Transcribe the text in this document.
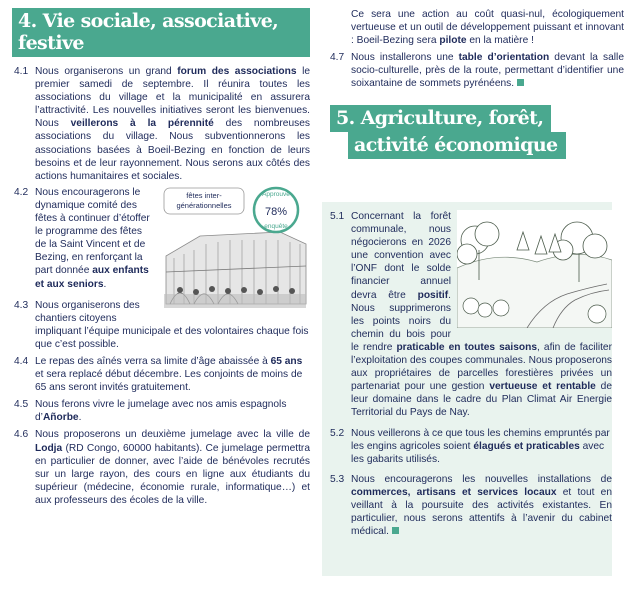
4. Vie sociale, associative, festive
4.1 Nous organiserons un grand forum des associations le premier samedi de septembre. Il réunira toutes les associations du village et la municipalité en assurera l’attractivité. Les nouvelles initiatives seront les bienvenues. Nous veillerons à la pérennité des nombreuses associations du village. Nous subventionnerons les associations basées à Boeil-Bezing en fonction de leurs besoins et de leur rayonnement. Nous serons aux côtés des actions humanitaires et sociales.
4.2	fêtes inter-
générationnelles
Approuvé
78%
enquête
Nous encouragerons le dynamique comité des fêtes à continuer d’étoffer le programme des fêtes de la Saint Vincent et de Bezing, en renforçant la part donnée aux enfants et aux seniors.
4.3 Nous organiserons des chantiers citoyens impliquant l’équipe municipale et des volontaires chaque fois que c’est possible.
4.4 Le repas des aînés verra sa limite d’âge abaissée à 65 ans et sera replacé début décembre. Les conjoints de moins de 65 ans seront invités gratuitement.
4.5 Nous ferons vivre le jumelage avec nos amis espagnols d’Añorbe.
4.6 Nous proposerons un deuxième jumelage avec la ville de Lodja (RD Congo, 60000 habitants). Ce jumelage permettra en particulier de donner, avec l’aide de bénévoles recrutés sur un large rayon, des cours en ligne aux étudiants du supérieur (médecine, économie rurale, informatique…) et aux professeurs des écoles de la ville.
Ce sera une action au coût quasi-nul, écologiquement vertueuse et un outil de développement puissant et innovant : Boeil-Bezing sera pilote en la matière !
4.7 Nous installerons une table d’orientation devant la salle socio-culturelle, près de la route, permettant d’identifier une soixantaine de sommets pyrénéens.
5. Agriculture, forêt,
activité économique
5.1 Concernant la forêt communale, nous négocierons en 2026 une convention avec l’ONF dont le solde financier annuel devra être positif. Nous supprimerons les points noirs du chemin du bois pour le rendre praticable en toutes saisons, afin de faciliter l’exploitation des coupes communales. Nous proposerons aux propriétaires de parcelles forestières privées un partenariat pour une gestion vertueuse et rentable de leur domaine dans le cadre du Plan Climat Air Energie Territorial du Pays de Nay.
5.2 Nous veillerons à ce que tous les chemins empruntés par les engins agricoles soient élagués et praticables avec les gabarits utilisés.
5.3 Nous encouragerons les nouvelles installations de commerces, artisans et services locaux et tout en veillant à la poursuite des activités existantes. En particulier, nous serons attentifs à l’avenir du cabinet médical.
